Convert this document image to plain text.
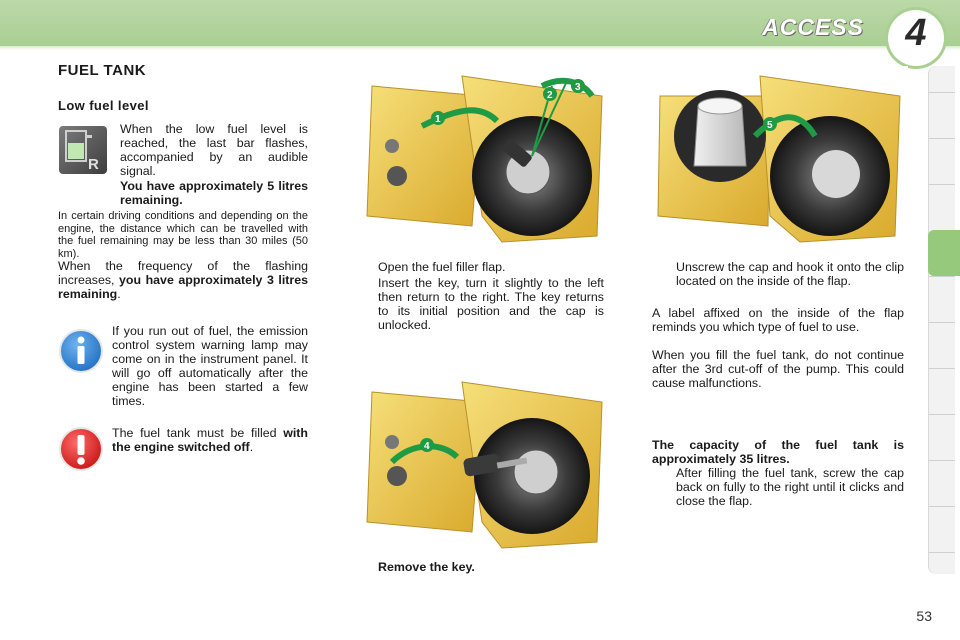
ACCESS	4
FUEL TANK
Low fuel level
R
When the low fuel level is reached, the last bar flashes, accompanied by an audible signal.
You have approximately 5 litres remaining.
In certain driving conditions and depending on the engine, the distance which can be travelled with the fuel remaining may be less than 30 miles (50 km).
When the frequency of the flashing increases, you have approximately 3 litres remaining.
If you run out of fuel, the emission control system warning lamp may come on in the instrument panel. It will go off automatically after the engine has been started a few times.
The fuel tank must be filled with the engine switched off.
1
2
3
Open the fuel filler flap.
Insert the key, turn it slightly to the left then return to the right. The key returns to its initial position and the cap is unlocked.
4
Remove the key.
5
Unscrew the cap and hook it onto the clip located on the inside of the flap.
A label affixed on the inside of the flap reminds you which type of fuel to use.
When you fill the fuel tank, do not continue after the 3rd cut-off of the pump. This could cause malfunctions.
The capacity of the fuel tank is approximately 35 litres.
After filling the fuel tank, screw the cap back on fully to the right until it clicks and close the flap.
53
